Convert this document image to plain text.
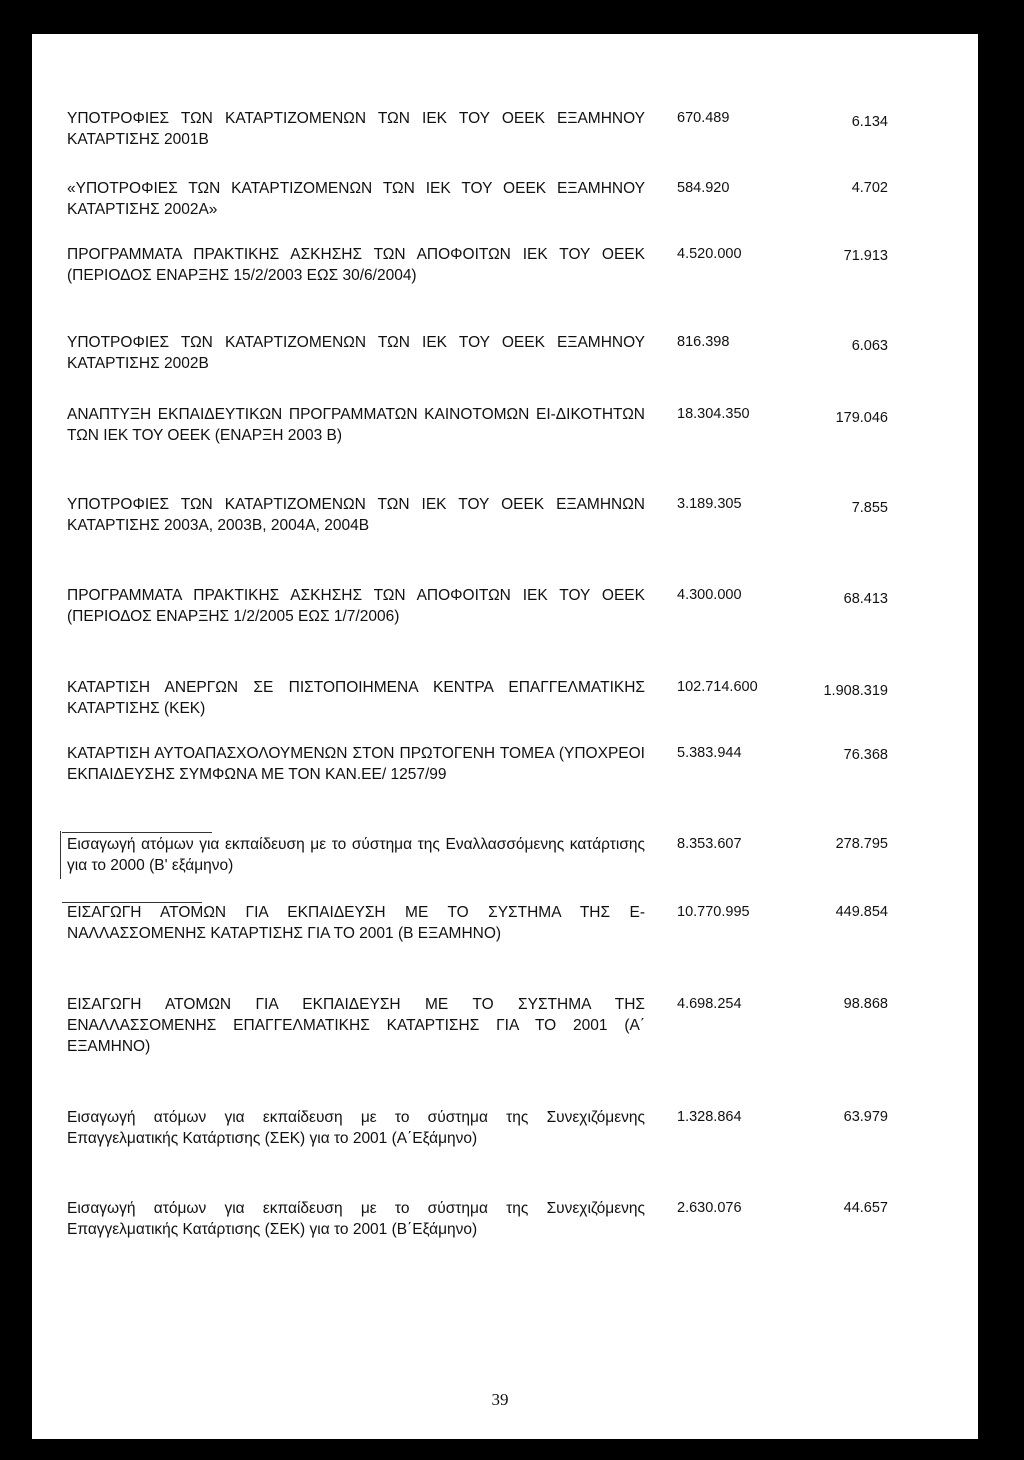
ΥΠΟΤΡΟΦΙΕΣ ΤΩΝ ΚΑΤΑΡΤΙΖΟΜΕΝΩΝ ΤΩΝ ΙΕΚ ΤΟΥ ΟΕΕΚ ΕΞΑΜΗΝΟΥ ΚΑΤΑΡΤΙΣΗΣ 2001Β
670.489	6.134
«ΥΠΟΤΡΟΦΙΕΣ ΤΩΝ ΚΑΤΑΡΤΙΖΟΜΕΝΩΝ ΤΩΝ ΙΕΚ ΤΟΥ ΟΕΕΚ ΕΞΑΜΗΝΟΥ ΚΑΤΑΡΤΙΣΗΣ 2002Α»
584.920	4.702
ΠΡΟΓΡΑΜΜΑΤΑ ΠΡΑΚΤΙΚΗΣ ΑΣΚΗΣΗΣ ΤΩΝ ΑΠΟΦΟΙΤΩΝ ΙΕΚ ΤΟΥ ΟΕΕΚ (ΠΕΡΙΟΔΟΣ ΕΝΑΡΞΗΣ 15/2/2003 ΕΩΣ 30/6/2004)
4.520.000	71.913
ΥΠΟΤΡΟΦΙΕΣ ΤΩΝ ΚΑΤΑΡΤΙΖΟΜΕΝΩΝ ΤΩΝ ΙΕΚ ΤΟΥ ΟΕΕΚ ΕΞΑΜΗΝΟΥ ΚΑΤΑΡΤΙΣΗΣ 2002Β
816.398	6.063
ΑΝΑΠΤΥΞΗ ΕΚΠΑΙΔΕΥΤΙΚΩΝ ΠΡΟΓΡΑΜΜΑΤΩΝ ΚΑΙΝΟΤΟΜΩΝ ΕΙ-ΔΙΚΟΤΗΤΩΝ ΤΩΝ ΙΕΚ ΤΟΥ ΟΕΕΚ (ΕΝΑΡΞΗ 2003 Β)
18.304.350	179.046
ΥΠΟΤΡΟΦΙΕΣ ΤΩΝ ΚΑΤΑΡΤΙΖΟΜΕΝΩΝ ΤΩΝ ΙΕΚ ΤΟΥ ΟΕΕΚ ΕΞΑΜΗΝΩΝ ΚΑΤΑΡΤΙΣΗΣ 2003Α, 2003Β, 2004Α, 2004Β
3.189.305	7.855
ΠΡΟΓΡΑΜΜΑΤΑ ΠΡΑΚΤΙΚΗΣ ΑΣΚΗΣΗΣ ΤΩΝ ΑΠΟΦΟΙΤΩΝ ΙΕΚ ΤΟΥ ΟΕΕΚ (ΠΕΡΙΟΔΟΣ ΕΝΑΡΞΗΣ 1/2/2005 ΕΩΣ 1/7/2006)
4.300.000	68.413
ΚΑΤΑΡΤΙΣΗ ΑΝΕΡΓΩΝ ΣΕ ΠΙΣΤΟΠΟΙΗΜΕΝΑ ΚΕΝΤΡΑ ΕΠΑΓΓΕΛΜΑΤΙΚΗΣ ΚΑΤΑΡΤΙΣΗΣ (ΚΕΚ)
102.714.600	1.908.319
ΚΑΤΑΡΤΙΣΗ ΑΥΤΟΑΠΑΣΧΟΛΟΥΜΕΝΩΝ ΣΤΟΝ ΠΡΩΤΟΓΕΝΗ ΤΟΜΕΑ (ΥΠΟΧΡΕΟΙ ΕΚΠΑΙΔΕΥΣΗΣ ΣΥΜΦΩΝΑ ΜΕ ΤΟΝ ΚΑΝ.ΕΕ/ 1257/99
5.383.944	76.368
Εισαγωγή ατόμων για εκπαίδευση με το σύστημα της Εναλλασσόμενης κατάρτισης για το 2000 (Β' εξάμηνο)
8.353.607	278.795
ΕΙΣΑΓΩΓΗ ΑΤΟΜΩΝ ΓΙΑ ΕΚΠΑΙΔΕΥΣΗ ΜΕ ΤΟ ΣΥΣΤΗΜΑ ΤΗΣ Ε-ΝΑΛΛΑΣΣΟΜΕΝΗΣ ΚΑΤΑΡΤΙΣΗΣ ΓΙΑ ΤΟ 2001 (Β ΕΞΑΜΗΝΟ)
10.770.995	449.854
ΕΙΣΑΓΩΓΗ ΑΤΟΜΩΝ ΓΙΑ ΕΚΠΑΙΔΕΥΣΗ ΜΕ ΤΟ ΣΥΣΤΗΜΑ ΤΗΣ ΕΝΑΛΛΑΣΣΟΜΕΝΗΣ ΕΠΑΓΓΕΛΜΑΤΙΚΗΣ ΚΑΤΑΡΤΙΣΗΣ ΓΙΑ ΤΟ 2001 (Α΄ ΕΞΑΜΗΝΟ)
4.698.254	98.868
Εισαγωγή ατόμων για εκπαίδευση με το σύστημα της Συνεχιζόμενης Επαγγελματικής Κατάρτισης (ΣΕΚ) για το 2001 (Α΄Εξάμηνο)
1.328.864	63.979
Εισαγωγή ατόμων για εκπαίδευση με το σύστημα της Συνεχιζόμενης Επαγγελματικής Κατάρτισης (ΣΕΚ) για το 2001 (Β΄Εξάμηνο)
2.630.076	44.657
39
